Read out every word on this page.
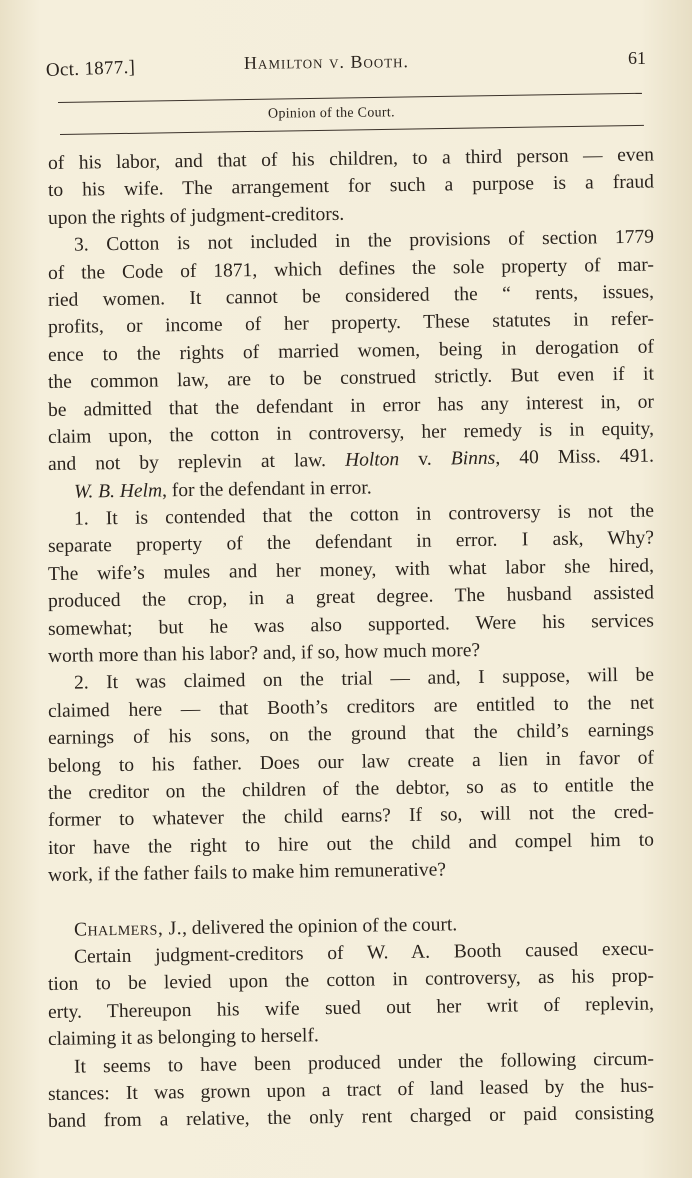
Oct. 1877.]	Hamilton v. Booth.	61
Opinion of the Court.
of his labor, and that of his children, to a third person — even
to his wife. The arrangement for such a purpose is a fraud
upon the rights of judgment-creditors.
3. Cotton is not included in the provisions of section 1779
of the Code of 1871, which defines the sole property of mar-
ried women. It cannot be considered the “ rents, issues,
profits, or income of her property. These statutes in refer-
ence to the rights of married women, being in derogation of
the common law, are to be construed strictly. But even if it
be admitted that the defendant in error has any interest in, or
claim upon, the cotton in controversy, her remedy is in equity,
and not by replevin at law. Holton v. Binns, 40 Miss. 491.
W. B. Helm, for the defendant in error.
1. It is contended that the cotton in controversy is not the
separate property of the defendant in error. I ask, Why?
The wife’s mules and her money, with what labor she hired,
produced the crop, in a great degree. The husband assisted
somewhat; but he was also supported. Were his services
worth more than his labor? and, if so, how much more?
2. It was claimed on the trial — and, I suppose, will be
claimed here — that Booth’s creditors are entitled to the net
earnings of his sons, on the ground that the child’s earnings
belong to his father. Does our law create a lien in favor of
the creditor on the children of the debtor, so as to entitle the
former to whatever the child earns? If so, will not the cred-
itor have the right to hire out the child and compel him to
work, if the father fails to make him remunerative?
Chalmers, J., delivered the opinion of the court.
Certain judgment-creditors of W. A. Booth caused execu-
tion to be levied upon the cotton in controversy, as his prop-
erty. Thereupon his wife sued out her writ of replevin,
claiming it as belonging to herself.
It seems to have been produced under the following circum-
stances: It was grown upon a tract of land leased by the hus-
band from a relative, the only rent charged or paid consisting
